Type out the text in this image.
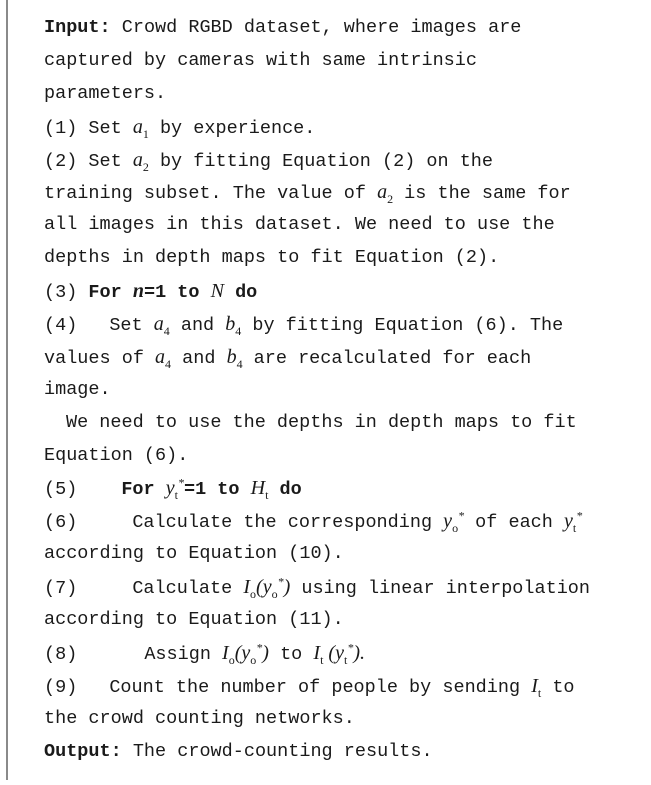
Input: Crowd RGBD dataset, where images are
captured by cameras with same intrinsic
parameters.
(1) Set $a_1$ by experience.
(2) Set $a_2$ by fitting Equation (2) on the
training subset. The value of $a_2$ is the same for
all images in this dataset. We need to use the
depths in depth maps to fit Equation (2).
(3) For n=1 to N do
(4) Set $a_4$ and $b_4$ by fitting Equation (6). The
values of $a_4$ and $b_4$ are recalculated for each
image.
We need to use the depths in depth maps to fit
Equation (6).
(5) For $y_t^*=1$ to $H_t$ do
(6)	Calculate the corresponding $y_o^*$ of each $y_t^*$
according to Equation (10).
(7)	Calculate $I_o(y_o^*)$ using linear interpolation
according to Equation (11).
(8)	Assign $I_o(y_o^*)$ to $I_t$ $(y_t^*)$.
(9) Count the number of people by sending $I_t$ to
the crowd counting networks.
Output: The crowd-counting results.
